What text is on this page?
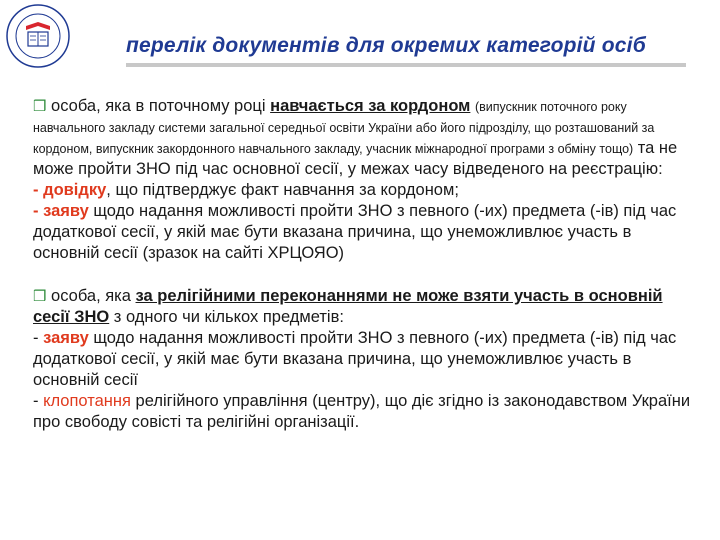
перелік документів для окремих категорій осіб

❒ особа, яка в поточному році навчається за кордоном (випускник поточного року навчального закладу системи загальної середньої освіти України або його підрозділу, що розташований за кордоном, випускник закордонного навчального закладу, учасник міжнародної програми з обміну тощо) та не може пройти ЗНО під час основної сесії, у межах часу відведеного на реєстрацію:
- довідку, що підтверджує факт навчання за кордоном;
- заяву щодо надання можливості пройти ЗНО з певного (-их) предмета (-ів) під час додаткової сесії, у якій має бути вказана причина, що унеможливлює участь в основній сесії (зразок на сайті ХРЦОЯО)

❒ особа, яка за релігійними переконаннями не може взяти участь в основній сесії ЗНО з одного чи кількох предметів:
- заяву щодо надання можливості пройти ЗНО з певного (-их) предмета (-ів) під час додаткової сесії, у якій має бути вказана причина, що унеможливлює участь в основній сесії
- клопотання релігійного управління (центру), що діє згідно із законодавством України про свободу совісті та релігійні організації.
